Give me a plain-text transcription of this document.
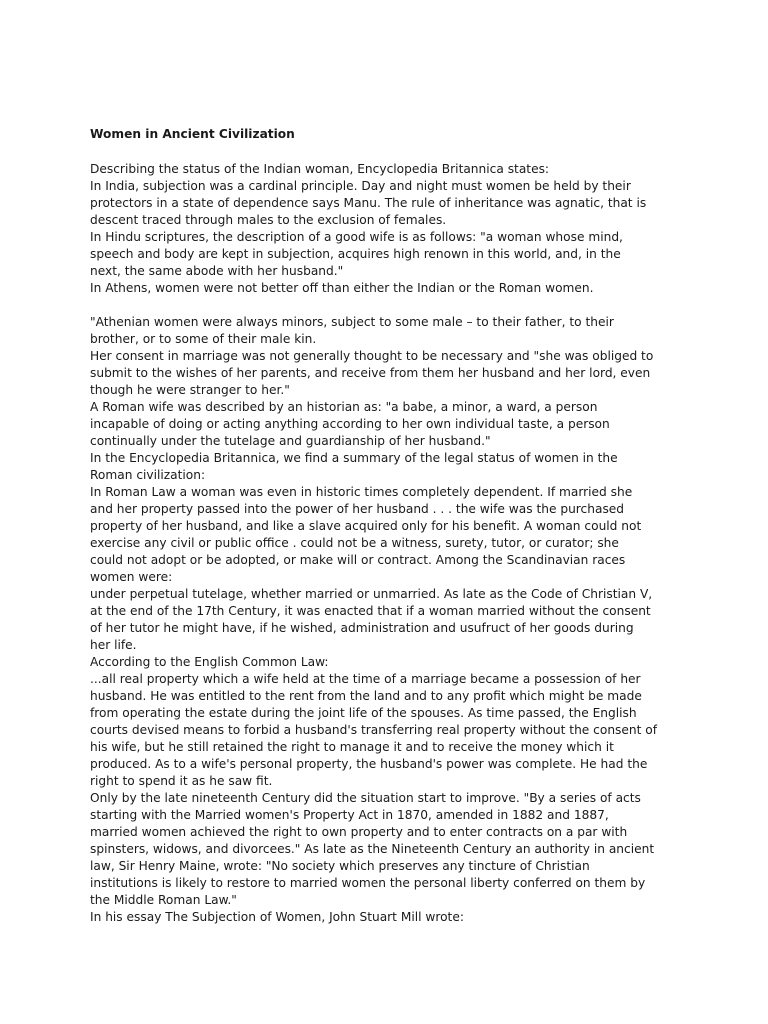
Women in Ancient Civilization
Describing the status of the Indian woman, Encyclopedia Britannica states:
In India, subjection was a cardinal principle. Day and night must women be held by their
protectors in a state of dependence says Manu. The rule of inheritance was agnatic, that is
descent traced through males to the exclusion of females.
In Hindu scriptures, the description of a good wife is as follows: "a woman whose mind,
speech and body are kept in subjection, acquires high renown in this world, and, in the
next, the same abode with her husband."
In Athens, women were not better off than either the Indian or the Roman women.
"Athenian women were always minors, subject to some male – to their father, to their
brother, or to some of their male kin.
Her consent in marriage was not generally thought to be necessary and "she was obliged to
submit to the wishes of her parents, and receive from them her husband and her lord, even
though he were stranger to her."
A Roman wife was described by an historian as: "a babe, a minor, a ward, a person
incapable of doing or acting anything according to her own individual taste, a person
continually under the tutelage and guardianship of her husband."
In the Encyclopedia Britannica, we find a summary of the legal status of women in the
Roman civilization:
In Roman Law a woman was even in historic times completely dependent. If married she
and her property passed into the power of her husband . . . the wife was the purchased
property of her husband, and like a slave acquired only for his benefit. A woman could not
exercise any civil or public office . could not be a witness, surety, tutor, or curator; she
could not adopt or be adopted, or make will or contract. Among the Scandinavian races
women were:
under perpetual tutelage, whether married or unmarried. As late as the Code of Christian V,
at the end of the 17th Century, it was enacted that if a woman married without the consent
of her tutor he might have, if he wished, administration and usufruct of her goods during
her life.
According to the English Common Law:
...all real property which a wife held at the time of a marriage became a possession of her
husband. He was entitled to the rent from the land and to any profit which might be made
from operating the estate during the joint life of the spouses. As time passed, the English
courts devised means to forbid a husband's transferring real property without the consent of
his wife, but he still retained the right to manage it and to receive the money which it
produced. As to a wife's personal property, the husband's power was complete. He had the
right to spend it as he saw fit.
Only by the late nineteenth Century did the situation start to improve. "By a series of acts
starting with the Married women's Property Act in 1870, amended in 1882 and 1887,
married women achieved the right to own property and to enter contracts on a par with
spinsters, widows, and divorcees." As late as the Nineteenth Century an authority in ancient
law, Sir Henry Maine, wrote: "No society which preserves any tincture of Christian
institutions is likely to restore to married women the personal liberty conferred on them by
the Middle Roman Law."
In his essay The Subjection of Women, John Stuart Mill wrote:
